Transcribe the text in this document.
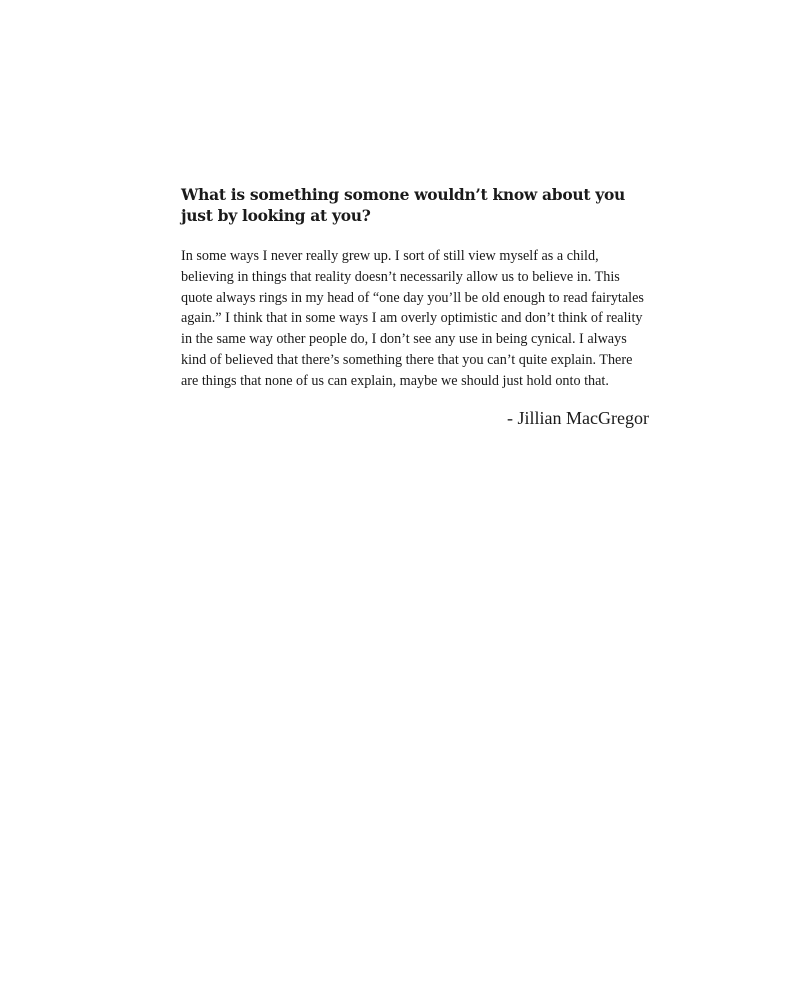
What is something somone wouldn’t know about you just by looking at you?

In some ways I never really grew up. I sort of still view myself as a child, believing in things that reality doesn’t necessarily allow us to believe in. This quote always rings in my head of “one day you’ll be old enough to read fairytales again.” I think that in some ways I am overly optimistic and don’t think of reality in the same way other people do, I don’t see any use in being cynical. I always kind of believed that there’s something there that you can’t quite explain. There are things that none of us can explain, maybe we should just hold onto that.

- Jillian MacGregor
